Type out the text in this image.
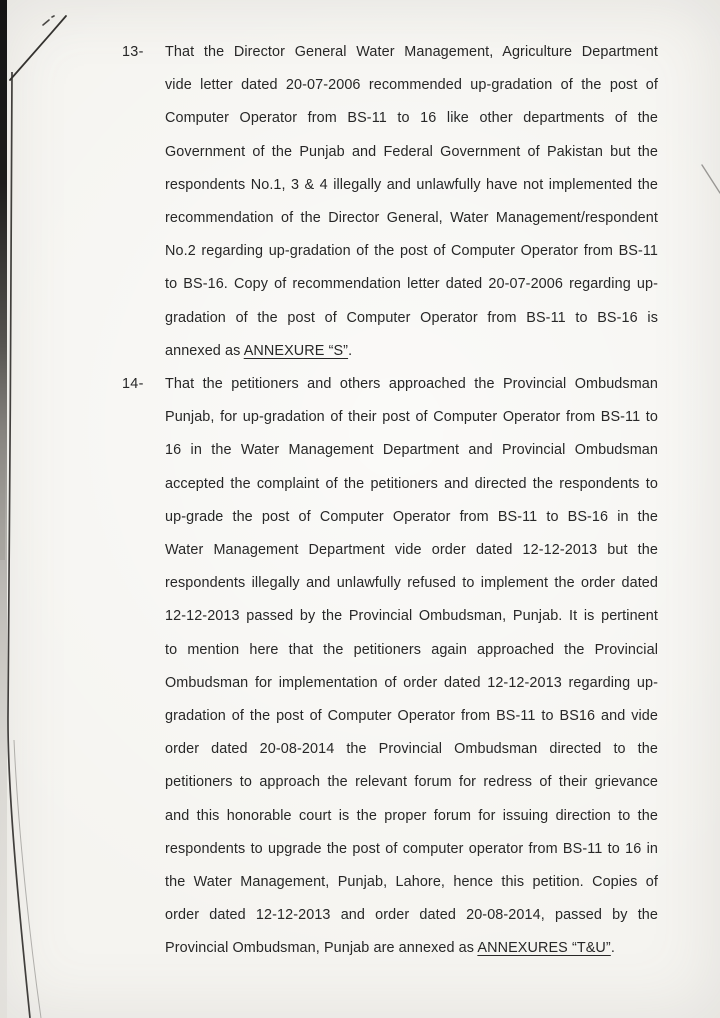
13-	That the Director General Water Management, Agriculture Department
vide letter dated 20-07-2006 recommended up-gradation of the post of
Computer Operator from BS-11 to 16 like other departments of the
Government of the Punjab and Federal Government of Pakistan but the
respondents No.1, 3 & 4 illegally and unlawfully have not implemented the
recommendation of the Director General, Water Management/respondent
No.2 regarding up-gradation of the post of Computer Operator from BS-11
to BS-16. Copy of recommendation letter dated 20-07-2006 regarding up-
gradation of the post of Computer Operator from BS-11 to BS-16 is
annexed as ANNEXURE “S”.
14-	That the petitioners and others approached the Provincial Ombudsman
Punjab, for up-gradation of their post of Computer Operator from BS-11 to
16 in the Water Management Department and Provincial Ombudsman
accepted the complaint of the petitioners and directed the respondents to
up-grade the post of Computer Operator from BS-11 to BS-16 in the
Water Management Department vide order dated 12-12-2013 but the
respondents illegally and unlawfully refused to implement the order dated
12-12-2013 passed by the Provincial Ombudsman, Punjab. It is pertinent
to mention here that the petitioners again approached the Provincial
Ombudsman for implementation of order dated 12-12-2013 regarding up-
gradation of the post of Computer Operator from BS-11 to BS16 and vide
order dated 20-08-2014 the Provincial Ombudsman directed to the
petitioners to approach the relevant forum for redress of their grievance
and this honorable court is the proper forum for issuing direction to the
respondents to upgrade the post of computer operator from BS-11 to 16 in
the Water Management, Punjab, Lahore, hence this petition. Copies of
order dated 12-12-2013 and order dated 20-08-2014, passed by the
Provincial Ombudsman, Punjab are annexed as ANNEXURES “T&U”.
